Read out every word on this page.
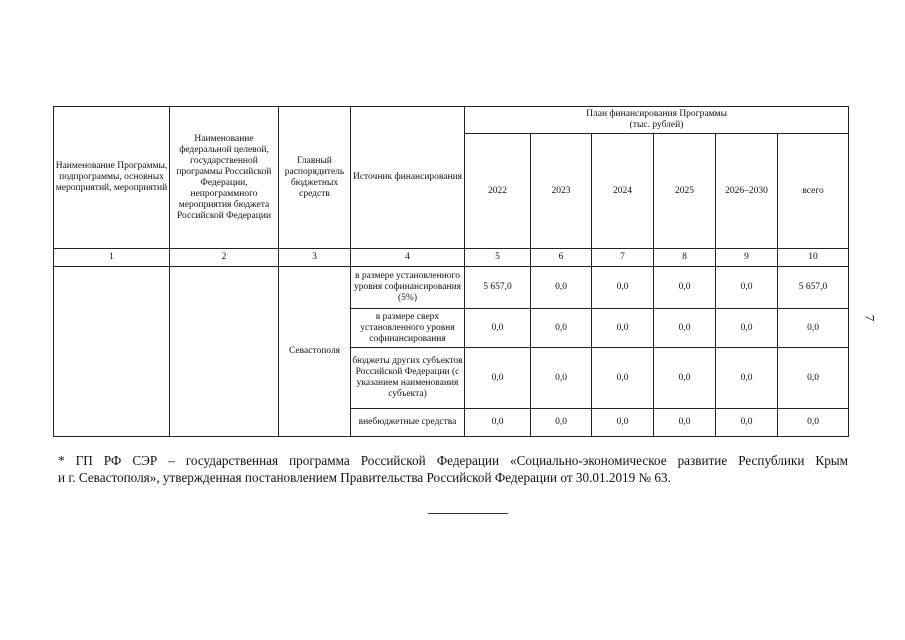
Наименование Программы, подпрограммы, основных мероприятий, мероприятий	Наименование федеральной целевой, государственной программы Российской Федерации, непрограммного мероприятия бюджета Российской Федерации	Главный распорядитель бюджетных средств	Источник финансирования	План финансирования Программы
(тыс. рублей)					
				2022	2023	2024	2025	2026–2030	всего
1	2	3	4	5	6	7	8	9	10
		Севастополя	в размере установленного уровня софинансирования (5%)	5 657,0	0,0	0,0	0,0	0,0	5 657,0
			в размере сверх установленного уровня софинансирования	0,0	0,0	0,0	0,0	0,0	0,0
			бюджеты других субъектов Российской Федерации (с указанием наименования субъекта)	0,0	0,0	0,0	0,0	0,0	0,0
			внебюджетные средства	0,0	0,0	0,0	0,0	0,0	0,0
7
* ГП РФ СЭР – государственная программа Российской Федерации «Социально-экономическое развитие Республики Крым
и г. Севастополя», утвержденная постановлением Правительства Российской Федерации от 30.01.2019 № 63.
